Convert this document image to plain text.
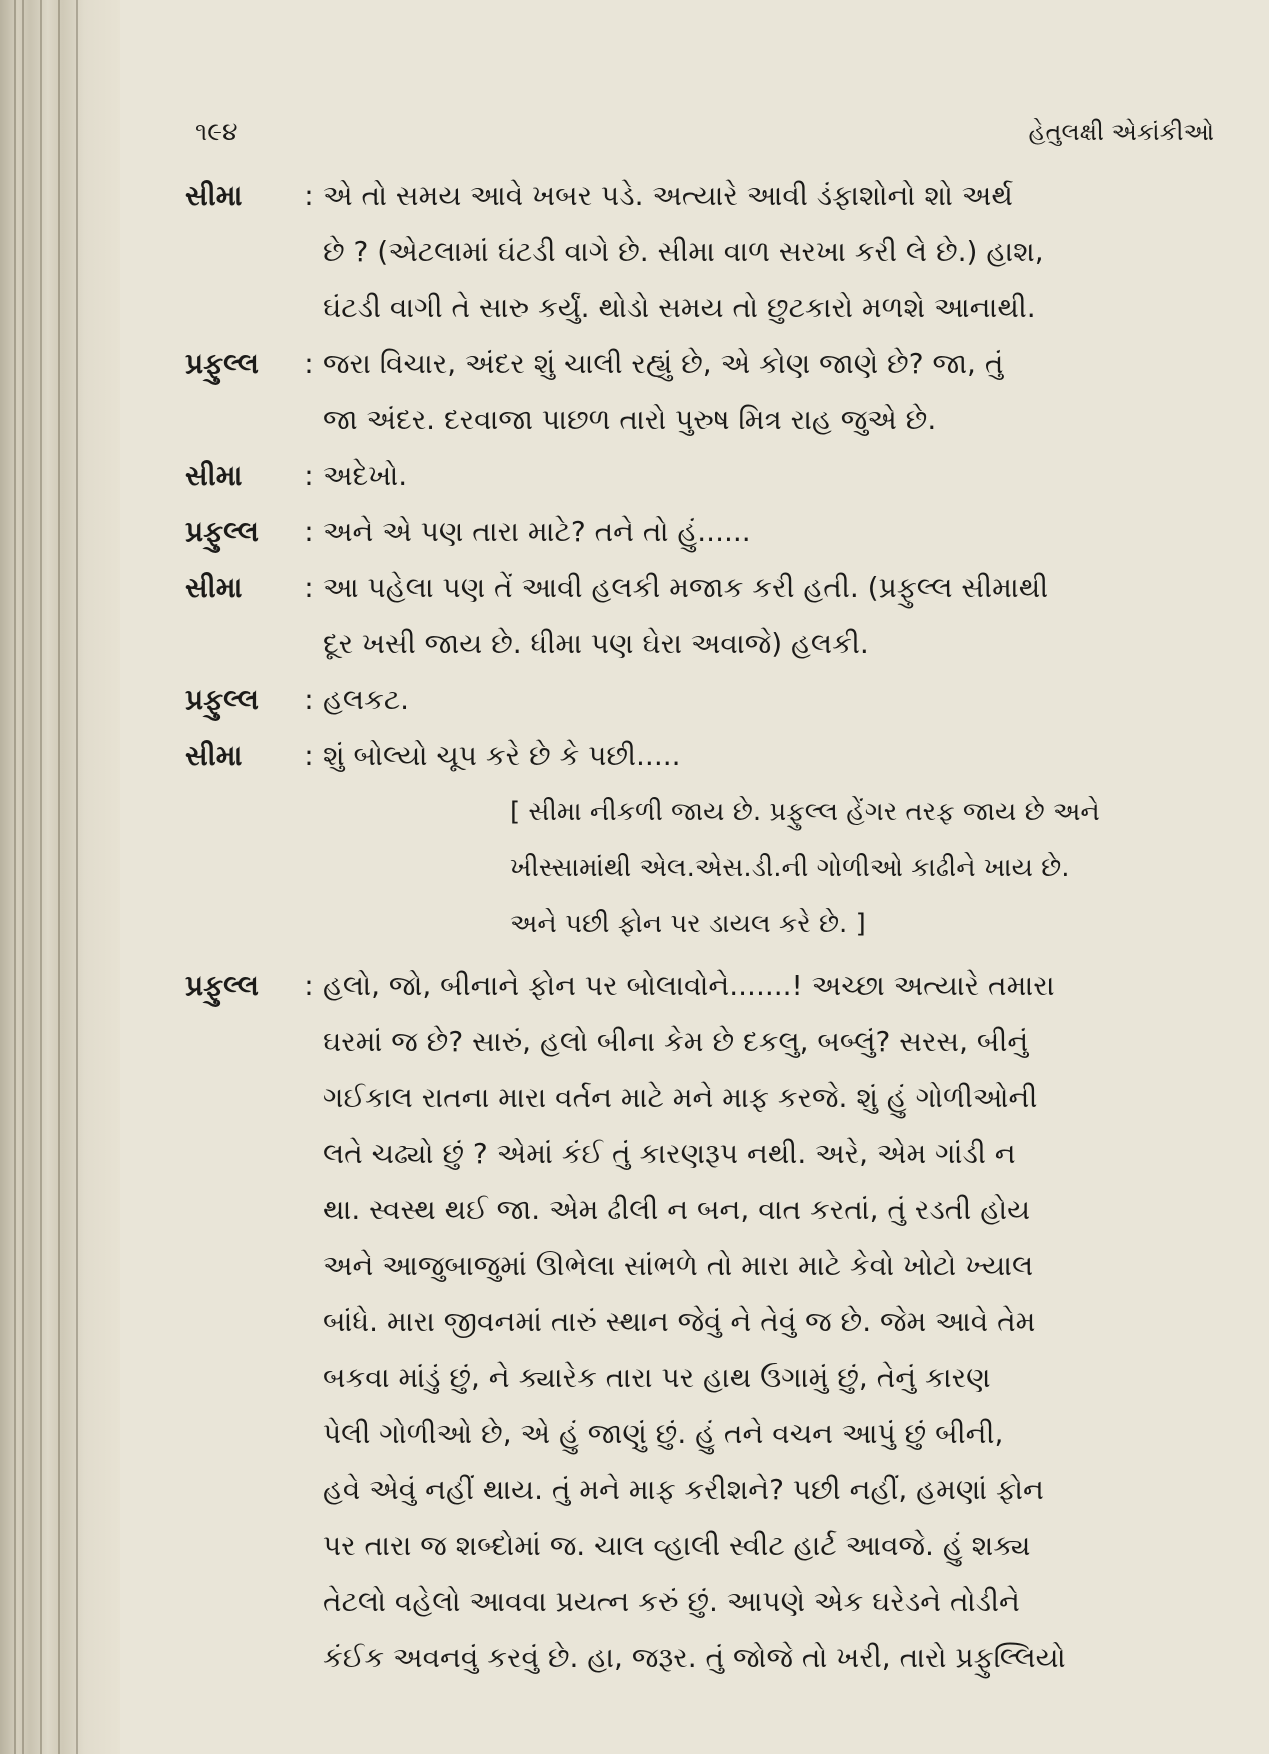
૧૯૪	હેતુલક્ષી એકાંકીઓ
સીમા	: એ તો સમય આવે ખબર પડે. અત્યારે આવી ડંફાશોનો શો અર્થ
છે ? (એટલામાં ઘંટડી વાગે છે. સીમા વાળ સરખા કરી લે છે.) હાશ,
ઘંટડી વાગી તે સારુ કર્યું. થોડો સમય તો છુટકારો મળશે આનાથી.
પ્રફુલ્લ	: જરા વિચાર, અંદર શું ચાલી રહ્યું છે, એ કોણ જાણે છે? જા, તું
જા અંદર. દરવાજા પાછળ તારો પુરુષ મિત્ર રાહ જુએ છે.
સીમા	: અદેખો.
પ્રફુલ્લ	: અને એ પણ તારા માટે? તને તો હું......
સીમા	: આ પહેલા પણ તેં આવી હલકી મજાક કરી હતી. (પ્રફુલ્લ સીમાથી
દૂર ખસી જાય છે. ધીમા પણ ઘેરા અવાજે) હલકી.
પ્રફુલ્લ	: હલકટ.
સીમા	: શું બોલ્યો ચૂપ કરે છે કે પછી.....
[ સીમા નીકળી જાય છે. પ્રફુલ્લ હેંગર તરફ જાય છે અને
ખીસ્સામાંથી એલ.એસ.ડી.ની ગોળીઓ કાઢીને ખાય છે.
અને પછી ફોન પર ડાયલ કરે છે. ]
પ્રફુલ્લ	: હલો, જો, બીનાને ફોન પર બોલાવોને.......! અચ્છા અત્યારે તમારા
ઘરમાં જ છે? સારું, હલો બીના કેમ છે દકલુ, બબ્લું? સરસ, બીનું
ગઈકાલ રાતના મારા વર્તન માટે મને માફ કરજે. શું હું ગોળીઓની
લતે ચઢ્યો છું ? એમાં કંઈ તું કારણરૂપ નથી. અરે, એમ ગાંડી ન
થા. સ્વસ્થ થઈ જા. એમ ઢીલી ન બન, વાત કરતાં, તું રડતી હોય
અને આજુબાજુમાં ઊભેલા સાંભળે તો મારા માટે કેવો ખોટો ખ્યાલ
બાંધે. મારા જીવનમાં તારું સ્થાન જેવું ને તેવું જ છે. જેમ આવે તેમ
બકવા માંડું છું, ને ક્યારેક તારા પર હાથ ઉગામું છું, તેનું કારણ
પેલી ગોળીઓ છે, એ હું જાણું છું. હું તને વચન આપું છું બીની,
હવે એવું નહીં થાય. તું મને માફ કરીશને? પછી નહીં, હમણાં ફોન
પર તારા જ શબ્દોમાં જ. ચાલ વ્હાલી સ્વીટ હાર્ટ આવજે. હું શક્ય
તેટલો વહેલો આવવા પ્રયત્ન કરું છું. આપણે એક ઘરેડને તોડીને
કંઈક અવનવું કરવું છે. હા, જરૂર. તું જોજે તો ખરી, તારો પ્રફુલ્લિયો
